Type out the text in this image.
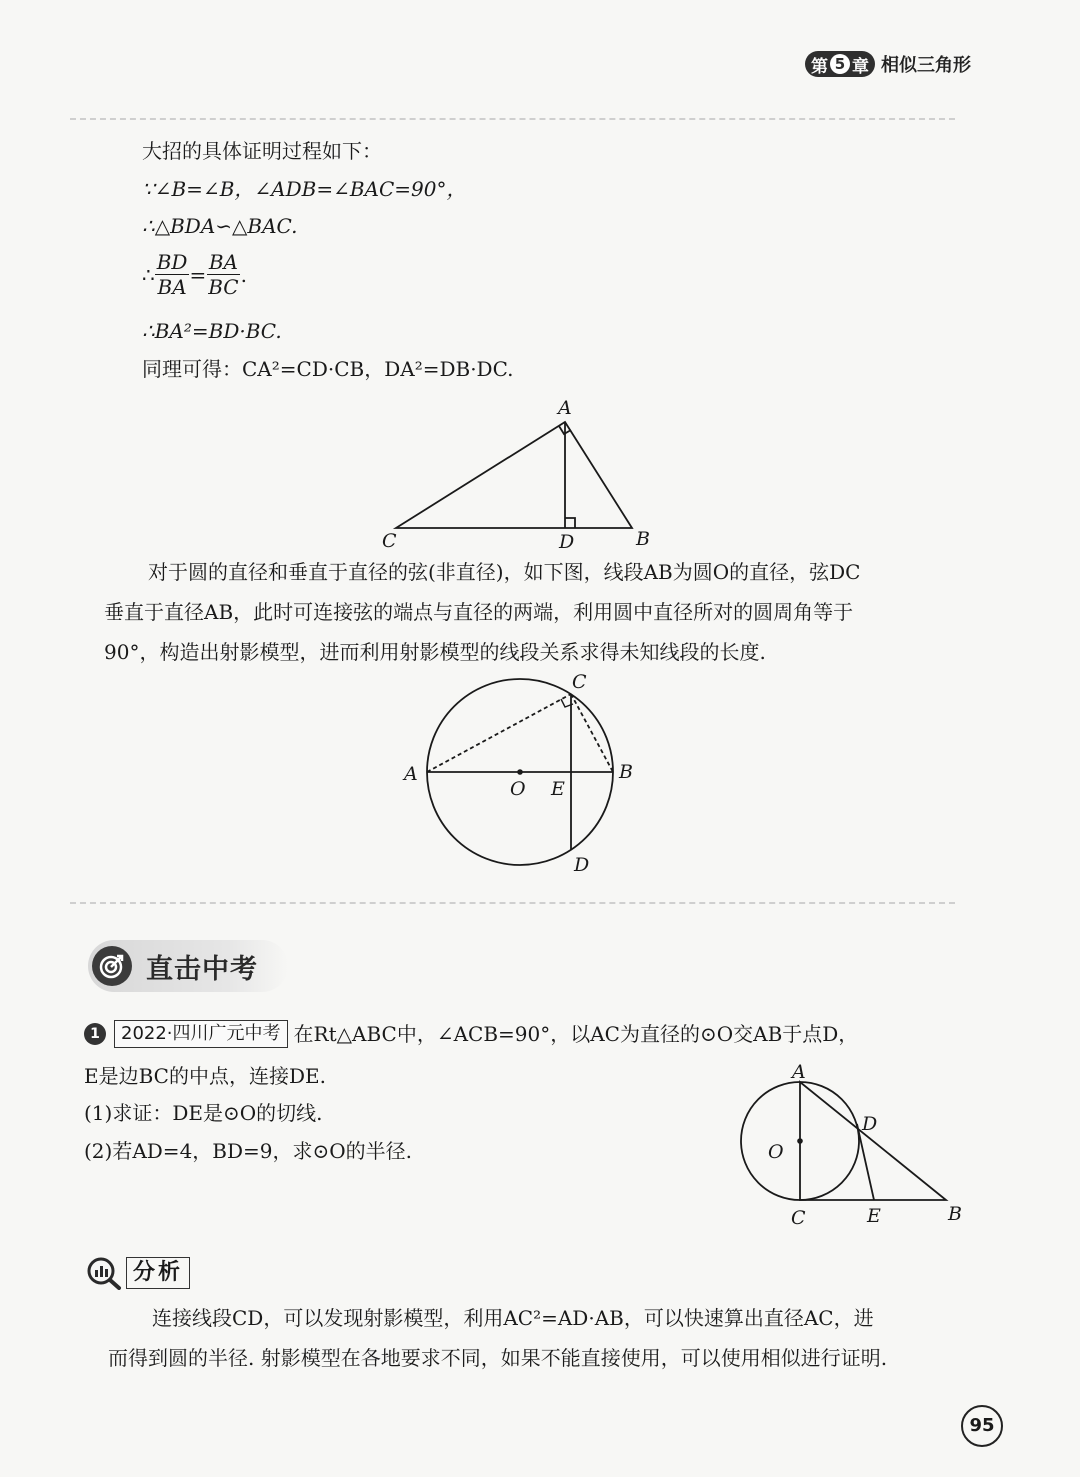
第 5 章 相似三角形
大招的具体证明过程如下：
∵∠B=∠B，∠ADB=∠BAC=90°，
∴△BDA∽△BAC.
∴ $\frac{BD}{BA} = \frac{BA}{BC}$ .
∴BA²=BD·BC.
同理可得：CA²=CD·CB，DA²=DB·DC.
A
C	D	B
对于圆的直径和垂直于直径的弦(非直径)，如下图，线段AB为圆O的直径，弦DC
垂直于直径AB，此时可连接弦的端点与直径的两端，利用圆中直径所对的圆周角等于
90°，构造出射影模型，进而利用射影模型的线段关系求得未知线段的长度.
A	B
C
D
O E
直击中考
1	2022·四川广元中考 在Rt△ABC中，∠ACB=90°，以AC为直径的⊙O交AB于点D，
E是边BC的中点，连接DE.
(1)求证：DE是⊙O的切线.
(2)若AD=4，BD=9，求⊙O的半径.
A
D
O
C	E	B
分析
连接线段CD，可以发现射影模型，利用AC²=AD·AB，可以快速算出直径AC，进
而得到圆的半径. 射影模型在各地要求不同，如果不能直接使用，可以使用相似进行证明.
95
